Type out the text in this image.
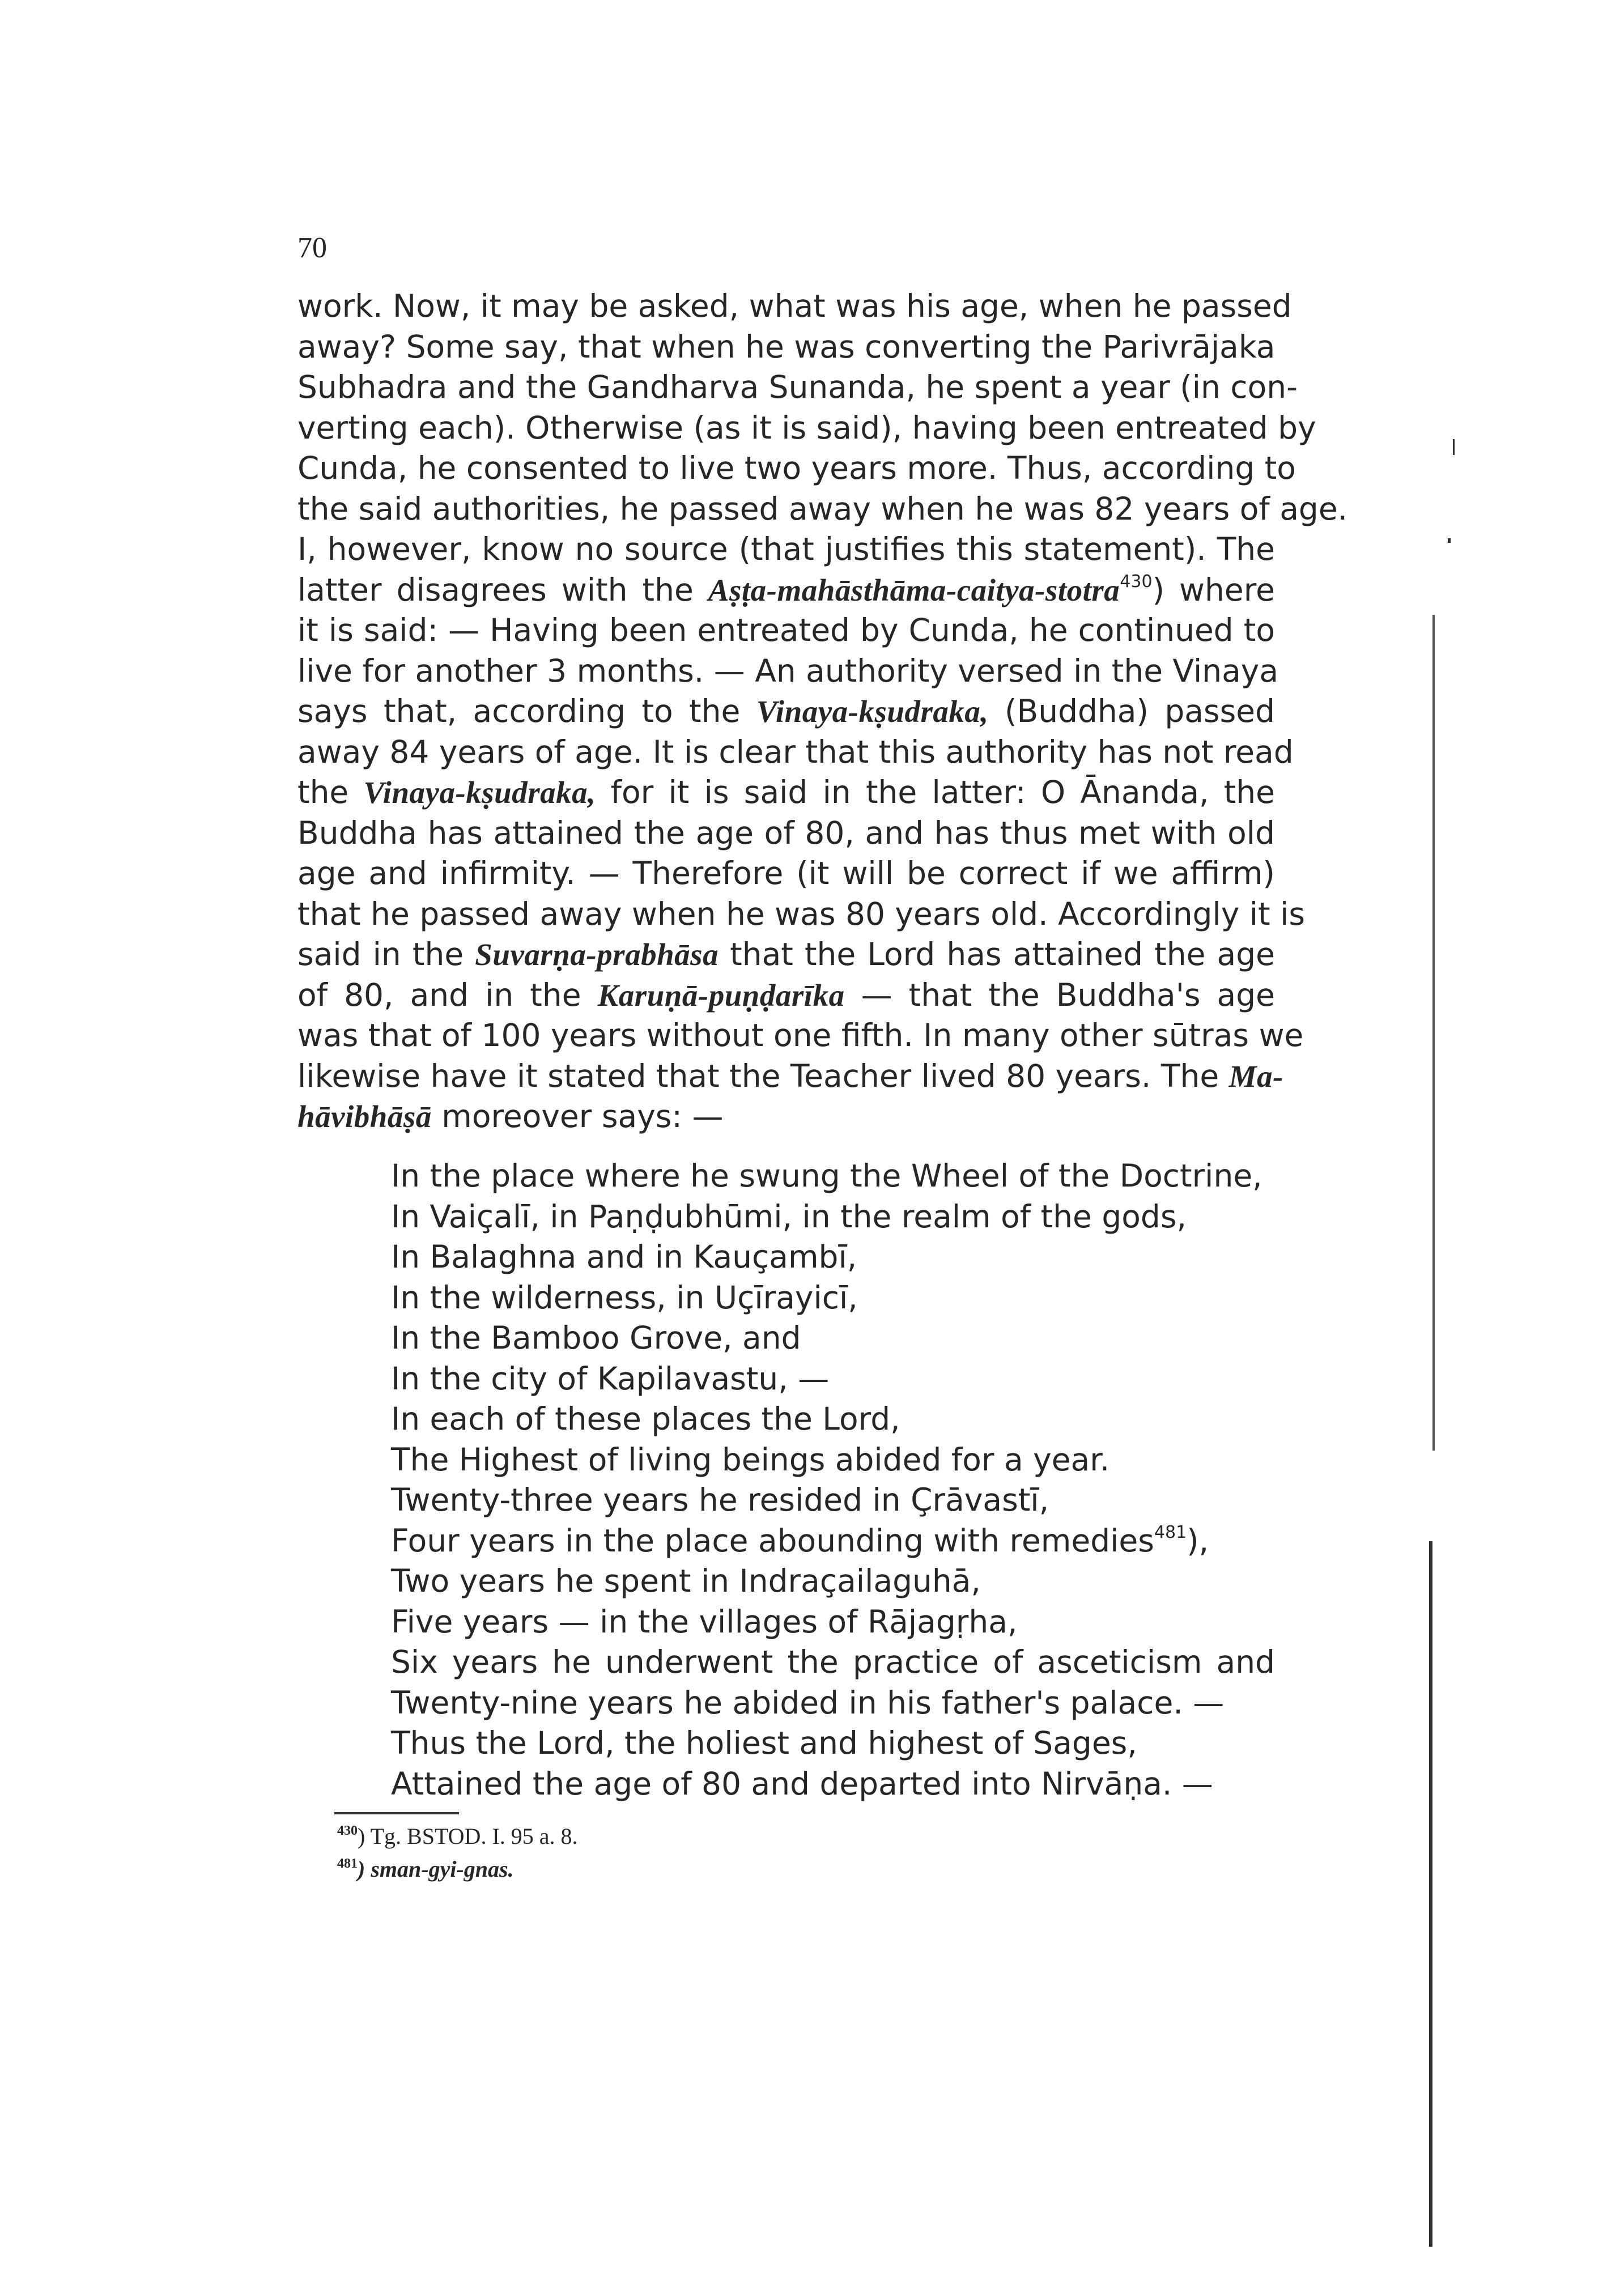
70
work. Now, it may be asked, what was his age, when he passed
away? Some say, that when he was converting the Parivrājaka
Subhadra and the Gandharva Sunanda, he spent a year (in con-
verting each). Otherwise (as it is said), having been entreated by
Cunda, he consented to live two years more. Thus, according to
the said authorities, he passed away when he was 82 years of age.
I, however, know no source (that justifies this statement). The
latter disagrees with the Aṣṭa-mahāsthāma-caitya-stotra$^{430}$) where
it is said: — Having been entreated by Cunda, he continued to
live for another 3 months. — An authority versed in the Vinaya
says that, according to the Vinaya-kṣudraka, (Buddha) passed
away 84 years of age. It is clear that this authority has not read
the Vinaya-kṣudraka, for it is said in the latter: O Ānanda, the
Buddha has attained the age of 80, and has thus met with old
age and infirmity. — Therefore (it will be correct if we affirm)
that he passed away when he was 80 years old. Accordingly it is
said in the Suvarṇa-prabhāsa that the Lord has attained the age
of 80, and in the Karuṇā-puṇḍarīka — that the Buddha's age
was that of 100 years without one fifth. In many other sūtras we
likewise have it stated that the Teacher lived 80 years. The Ma-
hāvibhāṣā moreover says: —
In the place where he swung the Wheel of the Doctrine,
In Vaiçalī, in Paṇḍubhūmi, in the realm of the gods,
In Balaghna and in Kauçambī,
In the wilderness, in Uçīrayicī,
In the Bamboo Grove, and
In the city of Kapilavastu, —
In each of these places the Lord,
The Highest of living beings abided for a year.
Twenty-three years he resided in Çrāvastī,
Four years in the place abounding with remedies$^{481}$),
Two years he spent in Indraçailaguhā,
Five years — in the villages of Rājagṛha,
Six years he underwent the practice of asceticism and
Twenty-nine years he abided in his father's palace. —
Thus the Lord, the holiest and highest of Sages,
Attained the age of 80 and departed into Nirvāṇa. —
$^{430}$) Tg. BSTOD. I. 95 a. 8.
$^{481}$) sman-gyi-gnas.
